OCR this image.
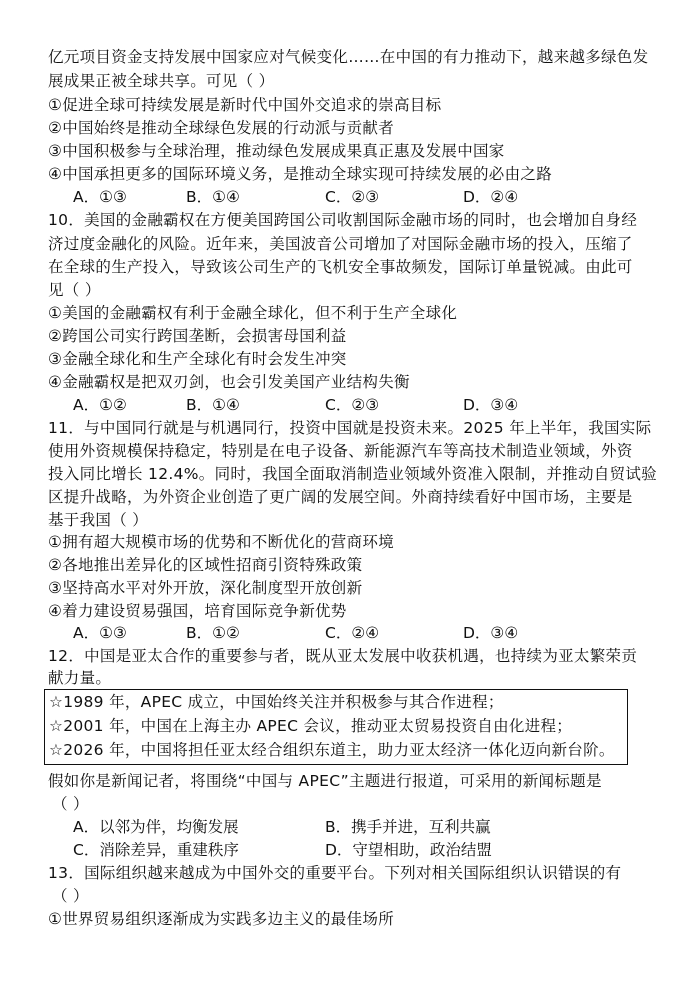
亿元项目资金支持发展中国家应对气候变化……在中国的有力推动下，越来越多绿色发
展成果正被全球共享。可见（ ）
①促进全球可持续发展是新时代中国外交追求的崇高目标
②中国始终是推动全球绿色发展的行动派与贡献者
③中国积极参与全球治理，推动绿色发展成果真正惠及发展中国家
④中国承担更多的国际环境义务，是推动全球实现可持续发展的必由之路
A．①③	B．①④	C．②③	D．②④
10．美国的金融霸权在方便美国跨国公司收割国际金融市场的同时，也会增加自身经
济过度金融化的风险。近年来，美国波音公司增加了对国际金融市场的投入，压缩了
在全球的生产投入，导致该公司生产的飞机安全事故频发，国际订单量锐减。由此可
见（ ）
①美国的金融霸权有利于金融全球化，但不利于生产全球化
②跨国公司实行跨国垄断，会损害母国利益
③金融全球化和生产全球化有时会发生冲突
④金融霸权是把双刃剑，也会引发美国产业结构失衡
A．①②	B．①④	C．②③	D．③④
11．与中国同行就是与机遇同行，投资中国就是投资未来。2025 年上半年，我国实际
使用外资规模保持稳定，特别是在电子设备、新能源汽车等高技术制造业领域，外资
投入同比增长 12.4%。同时，我国全面取消制造业领域外资准入限制，并推动自贸试验
区提升战略，为外资企业创造了更广阔的发展空间。外商持续看好中国市场，主要是
基于我国（ ）
①拥有超大规模市场的优势和不断优化的营商环境
②各地推出差异化的区域性招商引资特殊政策
③坚持高水平对外开放，深化制度型开放创新
④着力建设贸易强国，培育国际竞争新优势
A．①③	B．①②	C．②④	D．③④
12．中国是亚太合作的重要参与者，既从亚太发展中收获机遇，也持续为亚太繁荣贡
献力量。
☆1989 年，APEC 成立，中国始终关注并积极参与其合作进程；
☆2001 年，中国在上海主办 APEC 会议，推动亚太贸易投资自由化进程；
☆2026 年，中国将担任亚太经合组织东道主，助力亚太经济一体化迈向新台阶。
假如你是新闻记者，将围绕“中国与 APEC”主题进行报道，可采用的新闻标题是
（ ）
A．以邻为伴，均衡发展	B．携手并进，互利共赢
C．消除差异，重建秩序	D．守望相助，政治结盟
13．国际组织越来越成为中国外交的重要平台。下列对相关国际组织认识错误的有
（ ）
①世界贸易组织逐渐成为实践多边主义的最佳场所
